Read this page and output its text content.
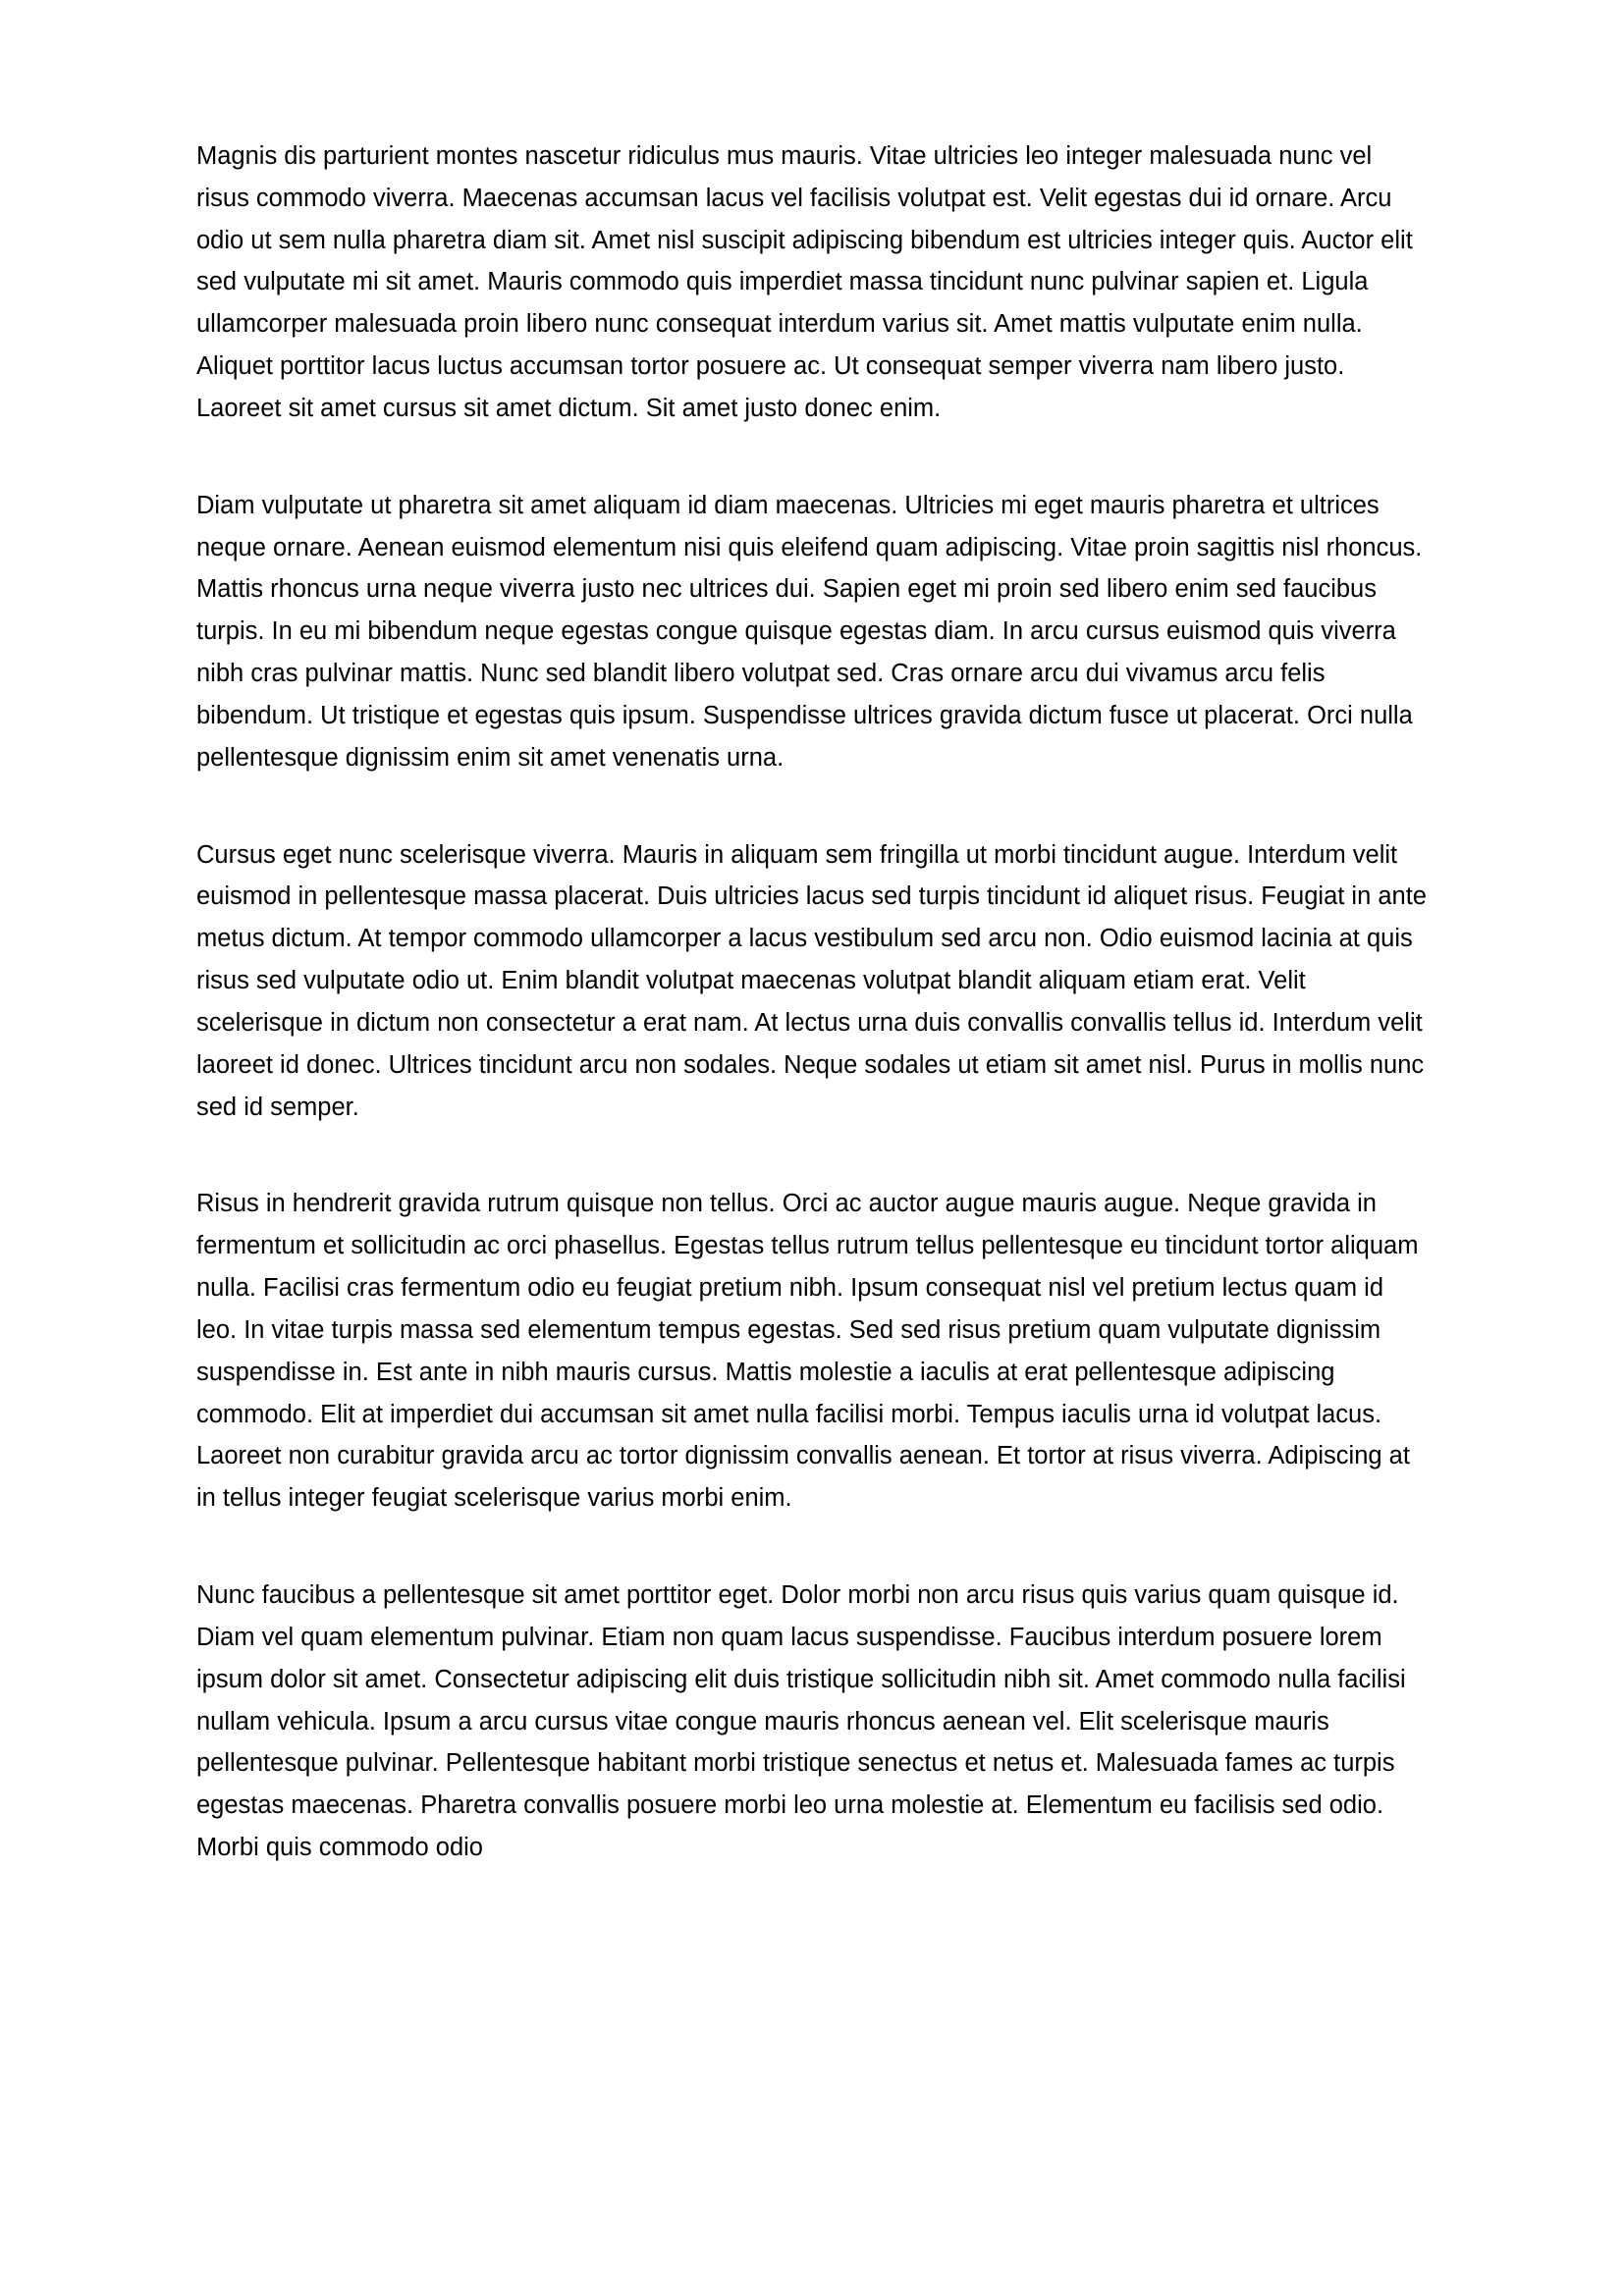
Magnis dis parturient montes nascetur ridiculus mus mauris. Vitae ultricies leo integer malesuada nunc vel risus commodo viverra. Maecenas accumsan lacus vel facilisis volutpat est. Velit egestas dui id ornare. Arcu odio ut sem nulla pharetra diam sit. Amet nisl suscipit adipiscing bibendum est ultricies integer quis. Auctor elit sed vulputate mi sit amet. Mauris commodo quis imperdiet massa tincidunt nunc pulvinar sapien et. Ligula ullamcorper malesuada proin libero nunc consequat interdum varius sit. Amet mattis vulputate enim nulla. Aliquet porttitor lacus luctus accumsan tortor posuere ac. Ut consequat semper viverra nam libero justo. Laoreet sit amet cursus sit amet dictum. Sit amet justo donec enim.

Diam vulputate ut pharetra sit amet aliquam id diam maecenas. Ultricies mi eget mauris pharetra et ultrices neque ornare. Aenean euismod elementum nisi quis eleifend quam adipiscing. Vitae proin sagittis nisl rhoncus. Mattis rhoncus urna neque viverra justo nec ultrices dui. Sapien eget mi proin sed libero enim sed faucibus turpis. In eu mi bibendum neque egestas congue quisque egestas diam. In arcu cursus euismod quis viverra nibh cras pulvinar mattis. Nunc sed blandit libero volutpat sed. Cras ornare arcu dui vivamus arcu felis bibendum. Ut tristique et egestas quis ipsum. Suspendisse ultrices gravida dictum fusce ut placerat. Orci nulla pellentesque dignissim enim sit amet venenatis urna.

Cursus eget nunc scelerisque viverra. Mauris in aliquam sem fringilla ut morbi tincidunt augue. Interdum velit euismod in pellentesque massa placerat. Duis ultricies lacus sed turpis tincidunt id aliquet risus. Feugiat in ante metus dictum. At tempor commodo ullamcorper a lacus vestibulum sed arcu non. Odio euismod lacinia at quis risus sed vulputate odio ut. Enim blandit volutpat maecenas volutpat blandit aliquam etiam erat. Velit scelerisque in dictum non consectetur a erat nam. At lectus urna duis convallis convallis tellus id. Interdum velit laoreet id donec. Ultrices tincidunt arcu non sodales. Neque sodales ut etiam sit amet nisl. Purus in mollis nunc sed id semper.

Risus in hendrerit gravida rutrum quisque non tellus. Orci ac auctor augue mauris augue. Neque gravida in fermentum et sollicitudin ac orci phasellus. Egestas tellus rutrum tellus pellentesque eu tincidunt tortor aliquam nulla. Facilisi cras fermentum odio eu feugiat pretium nibh. Ipsum consequat nisl vel pretium lectus quam id leo. In vitae turpis massa sed elementum tempus egestas. Sed sed risus pretium quam vulputate dignissim suspendisse in. Est ante in nibh mauris cursus. Mattis molestie a iaculis at erat pellentesque adipiscing commodo. Elit at imperdiet dui accumsan sit amet nulla facilisi morbi. Tempus iaculis urna id volutpat lacus. Laoreet non curabitur gravida arcu ac tortor dignissim convallis aenean. Et tortor at risus viverra. Adipiscing at in tellus integer feugiat scelerisque varius morbi enim.

Nunc faucibus a pellentesque sit amet porttitor eget. Dolor morbi non arcu risus quis varius quam quisque id. Diam vel quam elementum pulvinar. Etiam non quam lacus suspendisse. Faucibus interdum posuere lorem ipsum dolor sit amet. Consectetur adipiscing elit duis tristique sollicitudin nibh sit. Amet commodo nulla facilisi nullam vehicula. Ipsum a arcu cursus vitae congue mauris rhoncus aenean vel. Elit scelerisque mauris pellentesque pulvinar. Pellentesque habitant morbi tristique senectus et netus et. Malesuada fames ac turpis egestas maecenas. Pharetra convallis posuere morbi leo urna molestie at. Elementum eu facilisis sed odio. Morbi quis commodo odio
